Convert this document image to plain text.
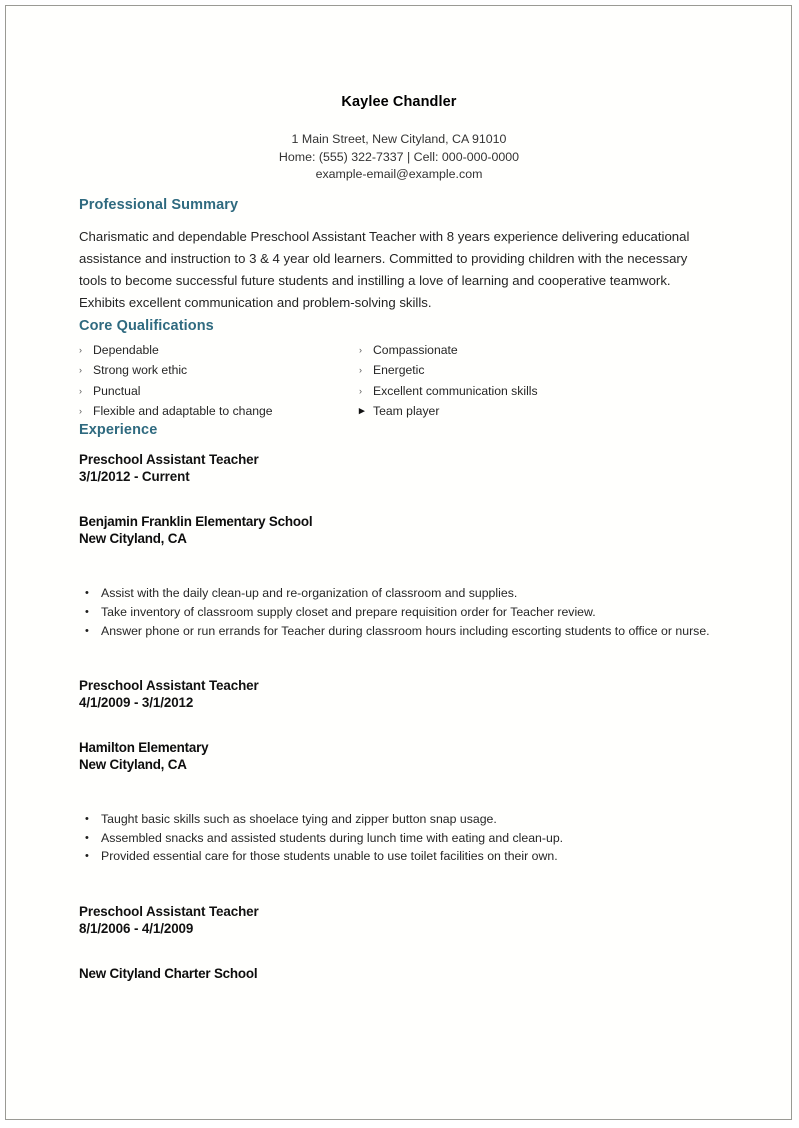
Kaylee Chandler
1 Main Street, New Cityland, CA 91010
Home: (555) 322-7337 | Cell: 000-000-0000
example-email@example.com
Professional Summary
Charismatic and dependable Preschool Assistant Teacher with 8 years experience delivering educational assistance and instruction to 3 & 4 year old learners. Committed to providing children with the necessary tools to become successful future students and instilling a love of learning and cooperative teamwork. Exhibits excellent communication and problem-solving skills.
Core Qualifications
› Dependable
› Strong work ethic
› Punctual
› Flexible and adaptable to change
› Compassionate
› Energetic
› Excellent communication skills
▸ Team player
Experience
Preschool Assistant Teacher
3/1/2012 - Current
Benjamin Franklin Elementary School
New Cityland, CA
• Assist with the daily clean-up and re-organization of classroom and supplies.
• Take inventory of classroom supply closet and prepare requisition order for Teacher review.
• Answer phone or run errands for Teacher during classroom hours including escorting students to office or nurse.
Preschool Assistant Teacher
4/1/2009 - 3/1/2012
Hamilton Elementary
New Cityland, CA
• Taught basic skills such as shoelace tying and zipper button snap usage.
• Assembled snacks and assisted students during lunch time with eating and clean-up.
• Provided essential care for those students unable to use toilet facilities on their own.
Preschool Assistant Teacher
8/1/2006 - 4/1/2009
New Cityland Charter School
